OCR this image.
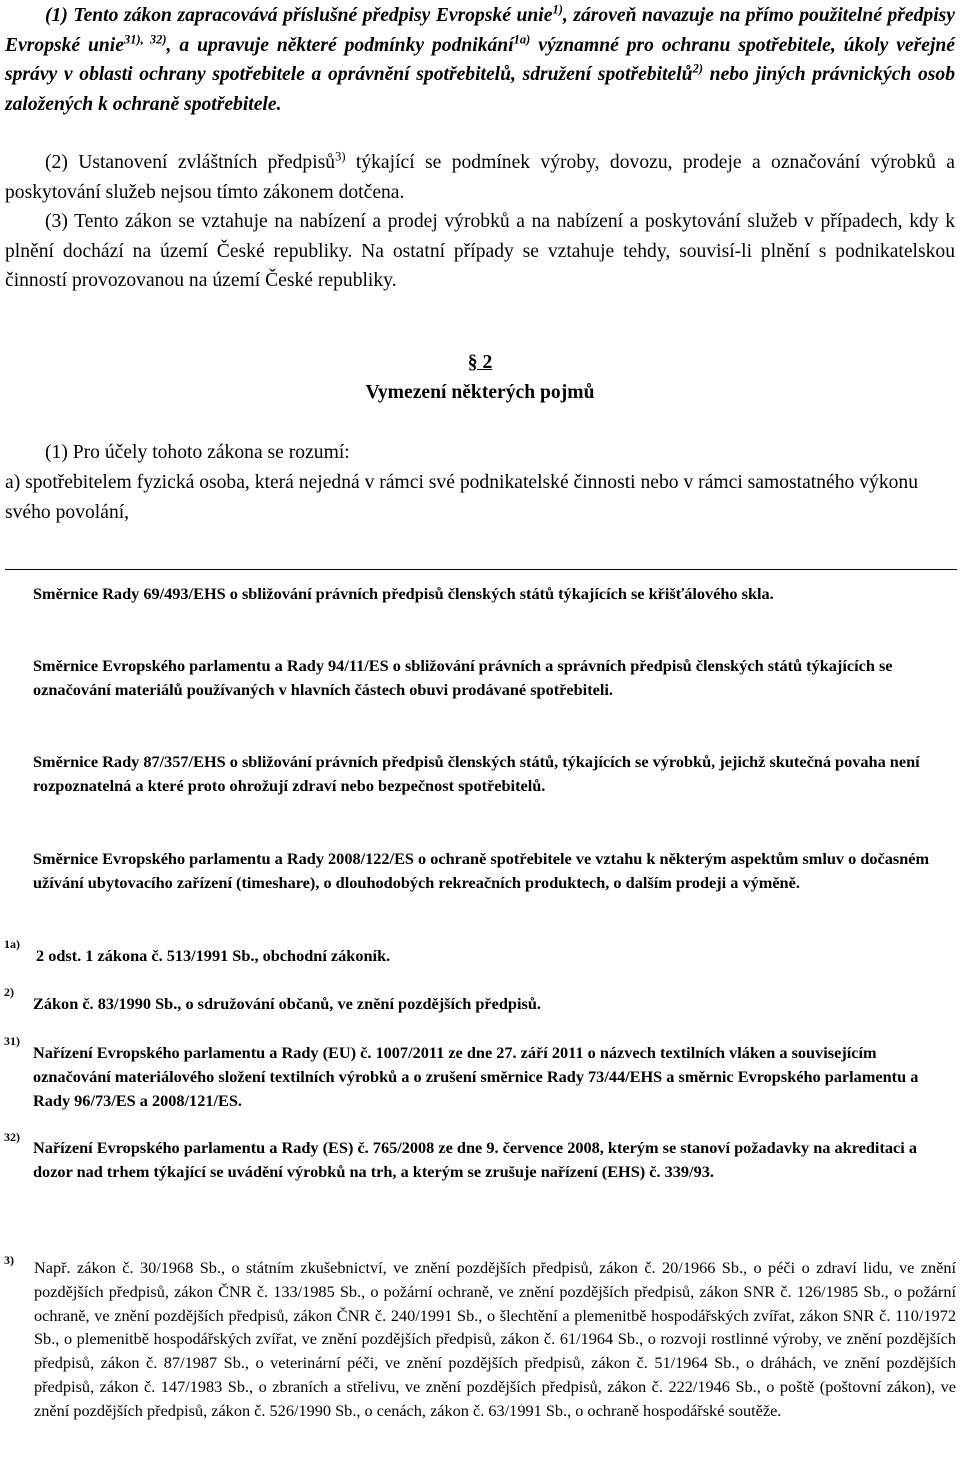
(1) Tento zákon zapracovává příslušné předpisy Evropské unie$^{1)}$, zároveň navazuje na přímo použitelné předpisy Evropské unie$^{31), 32)}$, a upravuje některé podmínky podnikání$^{1a)}$ významné pro ochranu spotřebitele, úkoly veřejné správy v oblasti ochrany spotřebitele a oprávnění spotřebitelů, sdružení spotřebitelů$^{2)}$ nebo jiných právnických osob založených k ochraně spotřebitele.

(2) Ustanovení zvláštních předpisů$^{3)}$ týkající se podmínek výroby, dovozu, prodeje a označování výrobků a poskytování služeb nejsou tímto zákonem dotčena.

(3) Tento zákon se vztahuje na nabízení a prodej výrobků a na nabízení a poskytování služeb v případech, kdy k plnění dochází na území České republiky. Na ostatní případy se vztahuje tehdy, souvisí-li plnění s podnikatelskou činností provozovanou na území České republiky.

§ 2
Vymezení některých pojmů
(1) Pro účely tohoto zákona se rozumí:

a) spotřebitelem fyzická osoba, která nejedná v rámci své podnikatelské činnosti nebo v rámci samostatného výkonu svého povolání,

Směrnice Rady 69/493/EHS o sbližování právních předpisů členských států týkajících se křišťálového skla.

Směrnice Evropského parlamentu a Rady 94/11/ES o sbližování právních a správních předpisů členských států týkajících se označování materiálů používaných v hlavních částech obuvi prodávané spotřebiteli.

Směrnice Rady 87/357/EHS o sbližování právních předpisů členských států, týkajících se výrobků, jejichž skutečná povaha není rozpoznatelná a které proto ohrožují zdraví nebo bezpečnost spotřebitelů.

Směrnice Evropského parlamentu a Rady 2008/122/ES o ochraně spotřebitele ve vztahu k některým aspektům smluv o dočasném užívání ubytovacího zařízení (timeshare), o dlouhodobých rekreačních produktech, o dalším prodeji a výměně.

1a)

2 odst. 1 zákona č. 513/1991 Sb., obchodní zákoník.

2)

Zákon č. 83/1990 Sb., o sdružování občanů, ve znění pozdějších předpisů.

31)

Nařízení Evropského parlamentu a Rady (EU) č. 1007/2011 ze dne 27. září 2011 o názvech textilních vláken a souvisejícím označování materiálového složení textilních výrobků a o zrušení směrnice Rady 73/44/EHS a směrnic Evropského parlamentu a Rady 96/73/ES a 2008/121/ES.

32)

Nařízení Evropského parlamentu a Rady (ES) č. 765/2008 ze dne 9. července 2008, kterým se stanoví požadavky na akreditaci a dozor nad trhem týkající se uvádění výrobků na trh, a kterým se zrušuje nařízení (EHS) č. 339/93.

3) Např. zákon č. 30/1968 Sb., o státním zkušebnictví, ve znění pozdějších předpisů, zákon č. 20/1966 Sb., o péči o zdraví lidu, ve znění pozdějších předpisů, zákon ČNR č. 133/1985 Sb., o požární ochraně, ve znění pozdějších předpisů, zákon SNR č. 126/1985 Sb., o požární ochraně, ve znění pozdějších předpisů, zákon ČNR č. 240/1991 Sb., o šlechtění a plemenitbě hospodářských zvířat, zákon SNR č. 110/1972 Sb., o plemenitbě hospodářských zvířat, ve znění pozdějších předpisů, zákon č. 61/1964 Sb., o rozvoji rostlinné výroby, ve znění pozdějších předpisů, zákon č. 87/1987 Sb., o veterinární péči, ve znění pozdějších předpisů, zákon č. 51/1964 Sb., o dráhách, ve znění pozdějších předpisů, zákon č. 147/1983 Sb., o zbraních a střelivu, ve znění pozdějších předpisů, zákon č. 222/1946 Sb., o poště (poštovní zákon), ve znění pozdějších předpisů, zákon č. 526/1990 Sb., o cenách, zákon č. 63/1991 Sb., o ochraně hospodářské soutěže.
